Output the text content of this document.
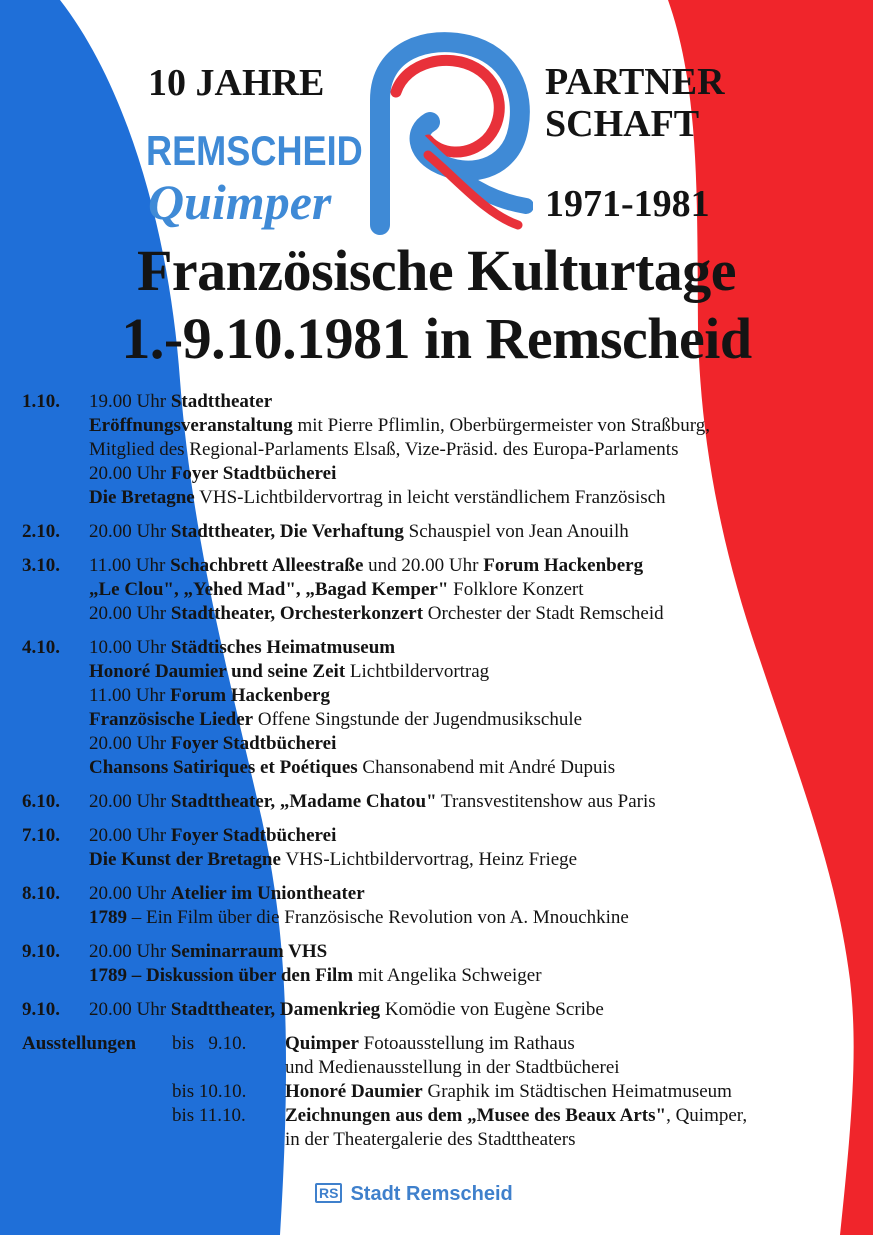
10 JAHRE	PARTNER
SCHAFT
1971-1981
REMSCHEID
Quimper
Französische Kulturtage
1.-9.10.1981 in Remscheid
1.10. 19.00 Uhr Stadttheater
Eröffnungsveranstaltung mit Pierre Pflimlin, Oberbürgermeister von Straßburg,
Mitglied des Regional-Parlaments Elsaß, Vize-Präsid. des Europa-Parlaments
20.00 Uhr Foyer Stadtbücherei
Die Bretagne VHS-Lichtbildervortrag in leicht verständlichem Französisch
2.10. 20.00 Uhr Stadttheater, Die Verhaftung Schauspiel von Jean Anouilh
3.10. 11.00 Uhr Schachbrett Alleestraße und 20.00 Uhr Forum Hackenberg
„Le Clou", „Yehed Mad", „Bagad Kemper" Folklore Konzert
20.00 Uhr Stadttheater, Orchesterkonzert Orchester der Stadt Remscheid
4.10. 10.00 Uhr Städtisches Heimatmuseum
Honoré Daumier und seine Zeit Lichtbildervortrag
11.00 Uhr Forum Hackenberg
Französische Lieder Offene Singstunde der Jugendmusikschule
20.00 Uhr Foyer Stadtbücherei
Chansons Satiriques et Poétiques Chansonabend mit André Dupuis
6.10. 20.00 Uhr Stadttheater, „Madame Chatou" Transvestitenshow aus Paris
7.10. 20.00 Uhr Foyer Stadtbücherei
Die Kunst der Bretagne VHS-Lichtbildervortrag, Heinz Friege
8.10. 20.00 Uhr Atelier im Uniontheater
1789 – Ein Film über die Französische Revolution von A. Mnouchkine
9.10. 20.00 Uhr Seminarraum VHS
1789 – Diskussion über den Film mit Angelika Schweiger
9.10. 20.00 Uhr Stadttheater, Damenkrieg Komödie von Eugène Scribe
Ausstellungen bis   9.10. Quimper Fotoausstellung im Rathaus
und Medienausstellung in der Stadtbücherei
bis 10.10. Honoré Daumier Graphik im Städtischen Heimatmuseum
bis 11.10. Zeichnungen aus dem „Musee des Beaux Arts", Quimper,
in der Theatergalerie des Stadttheaters
RS Stadt Remscheid
